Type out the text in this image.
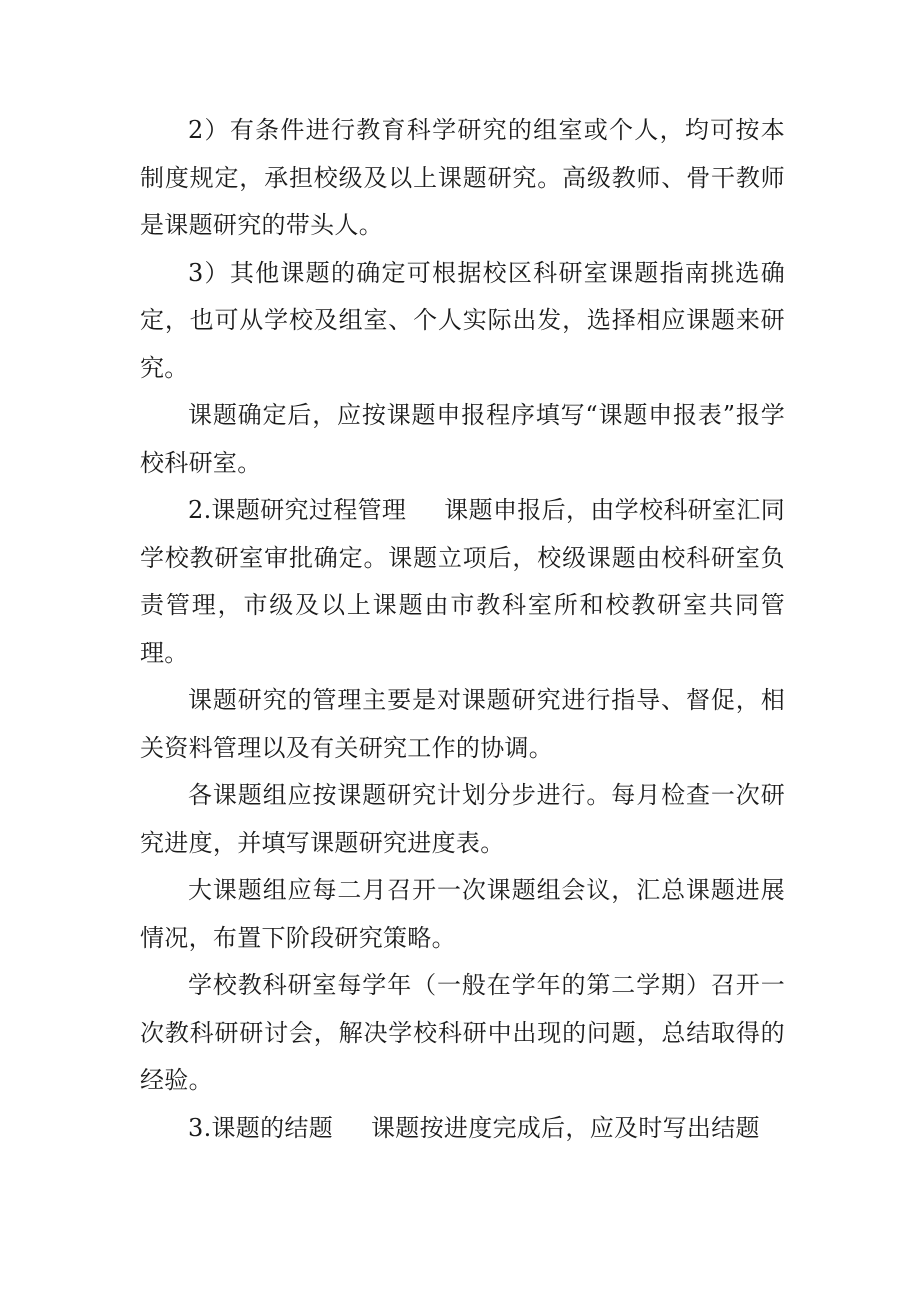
2）有条件进行教育科学研究的组室或个人，均可按本制度规定，承担校级及以上课题研究。高级教师、骨干教师是课题研究的带头人。

3）其他课题的确定可根据校区科研室课题指南挑选确定，也可从学校及组室、个人实际出发，选择相应课题来研究。

课题确定后，应按课题申报程序填写“课题申报表”报学校科研室。

2.课题研究过程管理 课题申报后，由学校科研室汇同学校教研室审批确定。课题立项后，校级课题由校科研室负责管理，市级及以上课题由市教科室所和校教研室共同管理。

课题研究的管理主要是对课题研究进行指导、督促，相关资料管理以及有关研究工作的协调。

各课题组应按课题研究计划分步进行。每月检查一次研究进度，并填写课题研究进度表。

大课题组应每二月召开一次课题组会议，汇总课题进展情况，布置下阶段研究策略。

学校教科研室每学年（一般在学年的第二学期）召开一次教科研研讨会，解决学校科研中出现的问题，总结取得的经验。

3.课题的结题 课题按进度完成后，应及时写出结题
